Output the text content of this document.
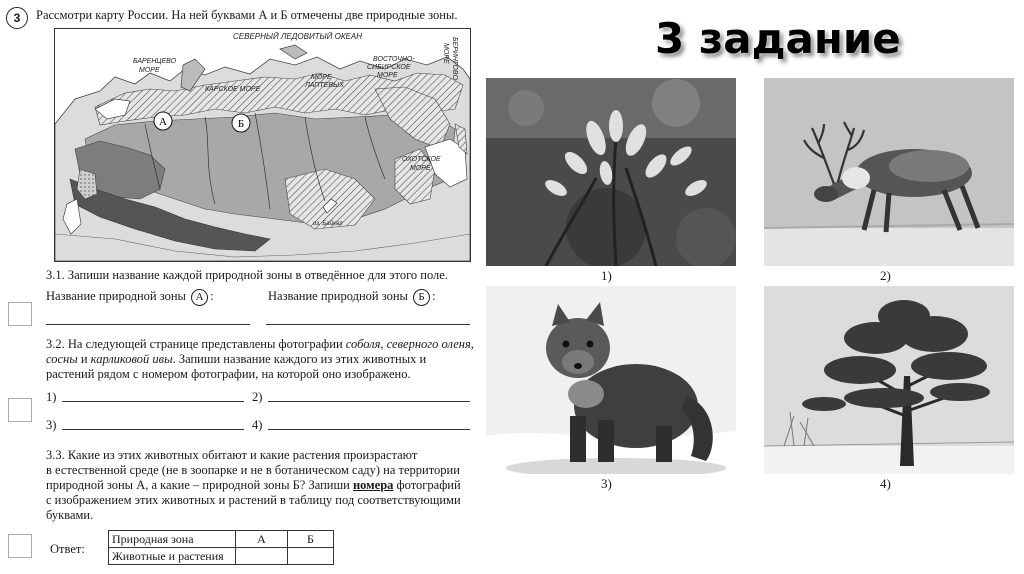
3	Рассмотри карту России. На ней буквами А и Б отмечены две природные зоны.
А	Б
СЕВЕРНЫЙ ЛЕДОВИТЫЙ ОКЕАН
БАРЕНЦЕВО
МОРЕ
КАРСКОЕ МОРЕ
МОРЕ
ЛАПТЕВЫХ
ВОСТОЧНО-
СИБИРСКОЕ
МОРЕ	БЕРИНГОВО
МОРЕ
ОХОТСКОЕ
МОРЕ
оз. Байкал
3.1. Запиши название каждой природной зоны в отведённое для этого поле.
Название природной зоны А :	Название природной зоны Б :
3.2. На следующей странице представлены фотографии соболя, северного оленя,
сосны и карликовой ивы. Запиши название каждого из этих животных и
растений рядом с номером фотографии, на которой оно изображено.
1)	2)
3)	4)
3.3. Какие из этих животных обитают и какие растения произрастают
в естественной среде (не в зоопарке и не в ботаническом саду) на территории
природной зоны А, а какие – природной зоны Б? Запиши номера фотографий
с изображением этих животных и растений в таблицу под соответствующими
буквами.
Ответ:
Природная зона	А	Б
Животные и растения		
3 задание
1)	2)
3)	4)
